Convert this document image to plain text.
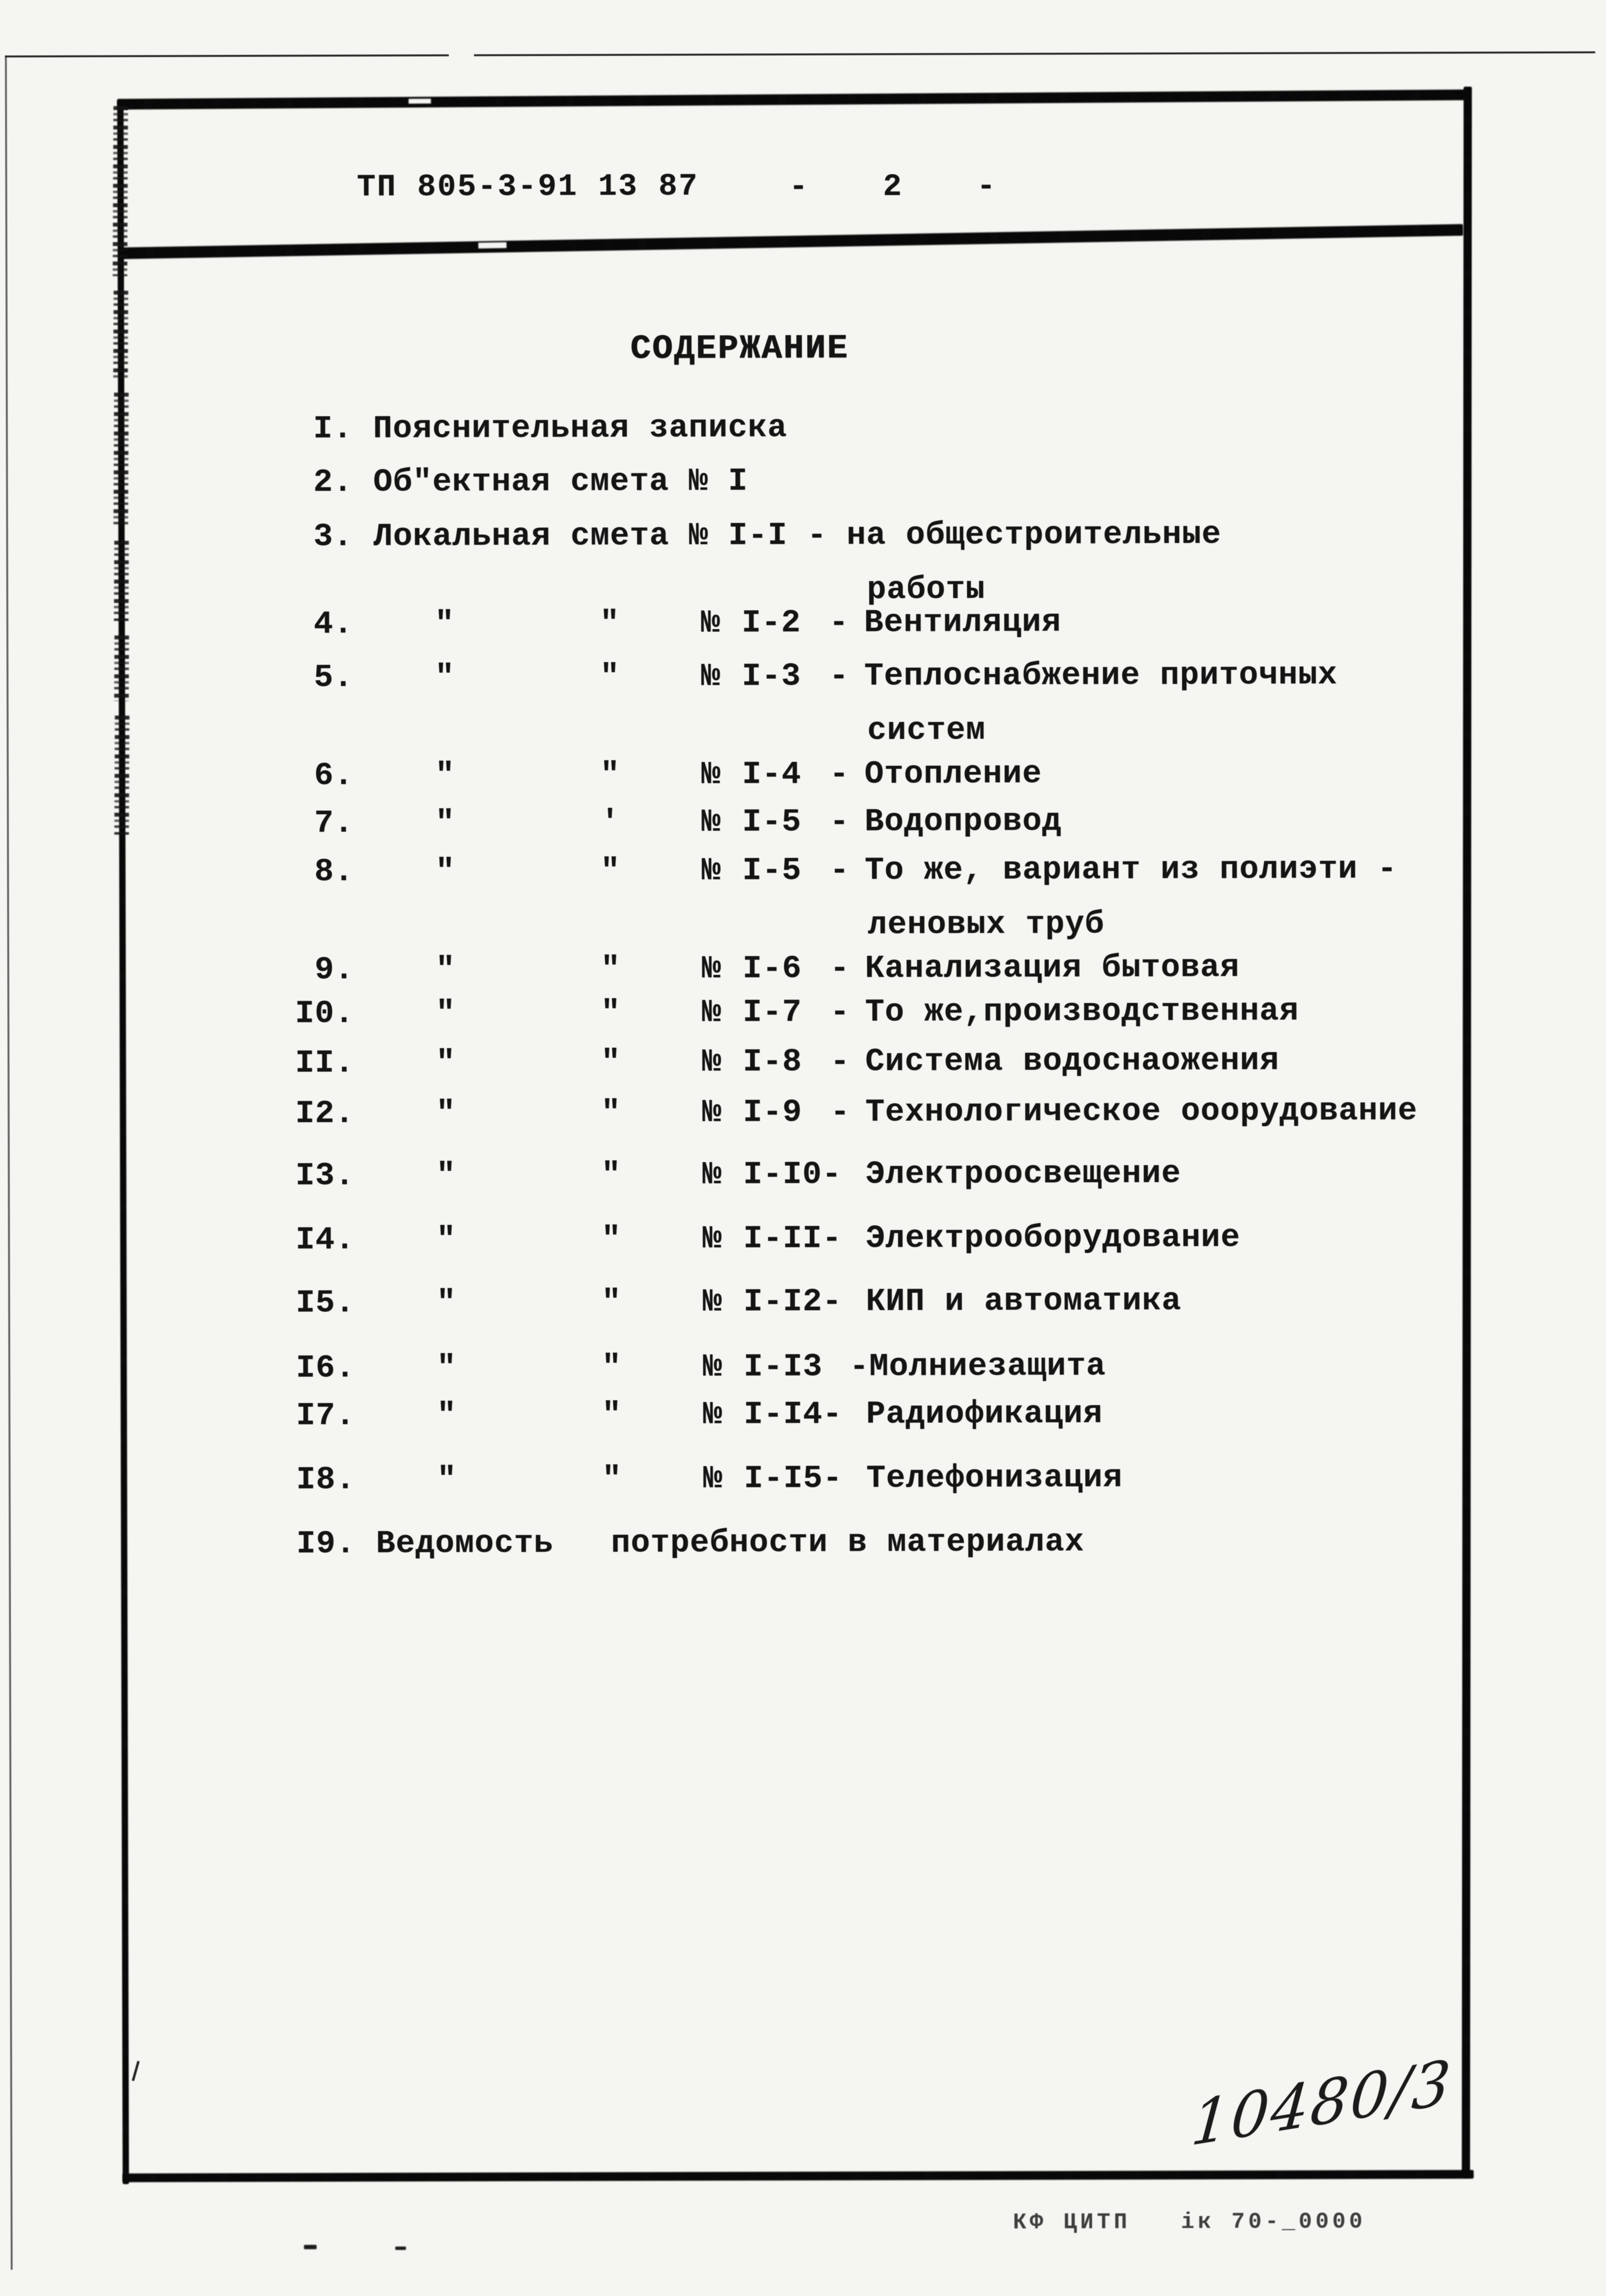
ТП 805-3-91 13 87	-  2  -
СОДЕРЖАНИЕ
I. Пояснительная записка
2. Об"ектная смета № I
3. Локальная смета № I-I - на общестроительные
работы
4.	"	"	№ I-2 - Вентиляция
5.	"	"	№ I-3 - Теплоснабжение приточных
систем
6.	"	"	№ I-4 - Отопление
7.	"	'	№ I-5 - Водопровод
8.	"	"	№ I-5 - То же, вариант из полиэти -
леновых труб
9.	"	"	№ I-6 - Канализация бытовая
I0.	"	"	№ I-7 - То же,производственная
II.	"	"	№ I-8 - Система водоснаожения
I2.	"	"	№ I-9 - Технологическое ооорудование
I3.	"	"	№ I-I0- Электроосвещение
I4.	"	"	№ I-II- Электрооборудование
I5.	"	"	№ I-I2- КИП и автоматика
I6.	"	"	№ I-I3 -Молниезащита
I7.	"	"	№ I-I4- Радиофикация
I8.	"	"	№ I-I5- Телефонизация
I9. Ведомость потребности в материалах
10480/3
КФ ЦИТП   ік 70-_0000
